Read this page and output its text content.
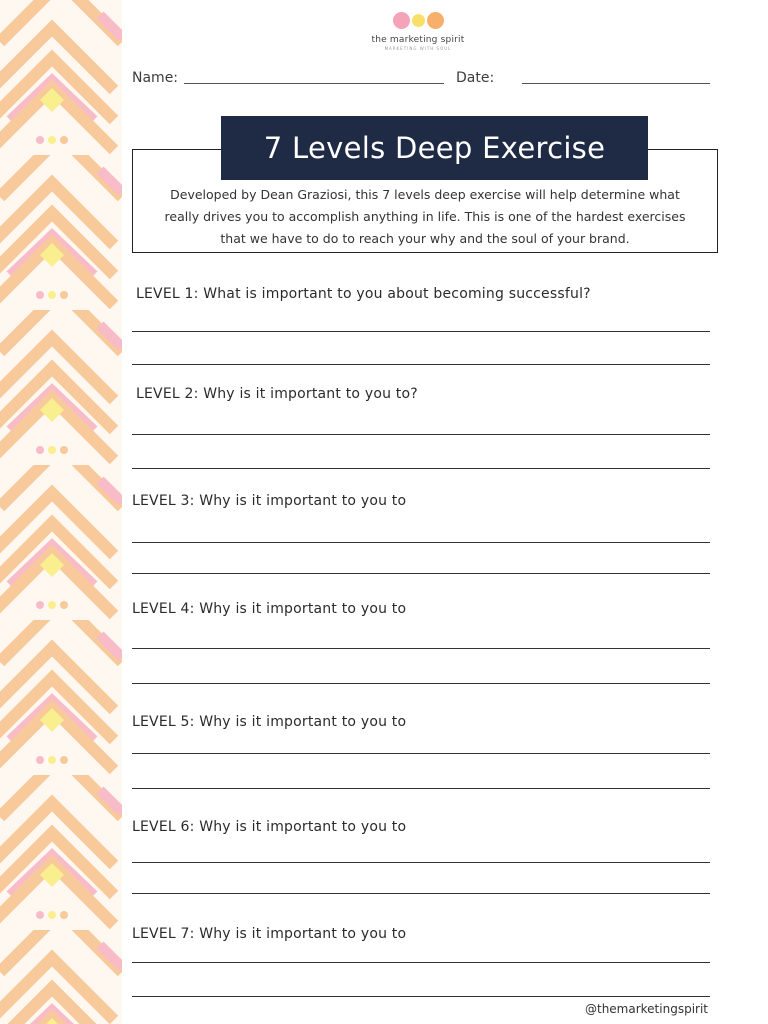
the marketing spirit
MARKETING WITH SOUL
Name:	Date:
7 Levels Deep Exercise
Developed by Dean Graziosi, this 7 levels deep exercise will help determine what really drives you to accomplish anything in life. This is one of the hardest exercises that we have to do to reach your why and the soul of your brand.
LEVEL 1: What is important to you about becoming successful?
LEVEL 2: Why is it important to you to?
LEVEL 3: Why is it important to you to
LEVEL 4: Why is it important to you to
LEVEL 5: Why is it important to you to
LEVEL 6: Why is it important to you to
LEVEL 7: Why is it important to you to
@themarketingspirit
